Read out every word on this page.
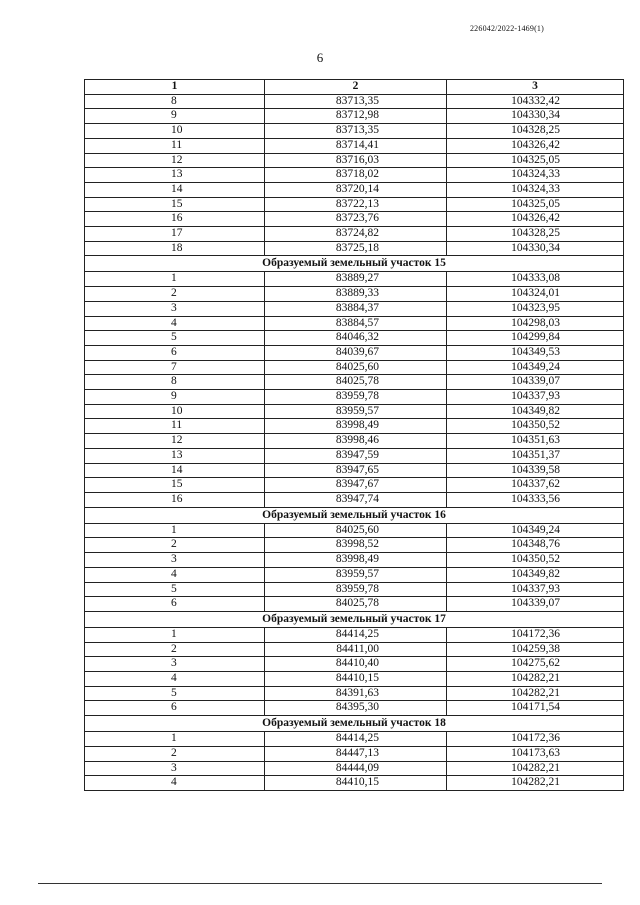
226042/2022-1469(1)
6
1	2	3
8	83713,35	104332,42
9	83712,98	104330,34
10	83713,35	104328,25
11	83714,41	104326,42
12	83716,03	104325,05
13	83718,02	104324,33
14	83720,14	104324,33
15	83722,13	104325,05
16	83723,76	104326,42
17	83724,82	104328,25
18	83725,18	104330,34
Образуемый земельный участок 15		
1	83889,27	104333,08
2	83889,33	104324,01
3	83884,37	104323,95
4	83884,57	104298,03
5	84046,32	104299,84
6	84039,67	104349,53
7	84025,60	104349,24
8	84025,78	104339,07
9	83959,78	104337,93
10	83959,57	104349,82
11	83998,49	104350,52
12	83998,46	104351,63
13	83947,59	104351,37
14	83947,65	104339,58
15	83947,67	104337,62
16	83947,74	104333,56
Образуемый земельный участок 16		
1	84025,60	104349,24
2	83998,52	104348,76
3	83998,49	104350,52
4	83959,57	104349,82
5	83959,78	104337,93
6	84025,78	104339,07
Образуемый земельный участок 17		
1	84414,25	104172,36
2	84411,00	104259,38
3	84410,40	104275,62
4	84410,15	104282,21
5	84391,63	104282,21
6	84395,30	104171,54
Образуемый земельный участок 18		
1	84414,25	104172,36
2	84447,13	104173,63
3	84444,09	104282,21
4	84410,15	104282,21
